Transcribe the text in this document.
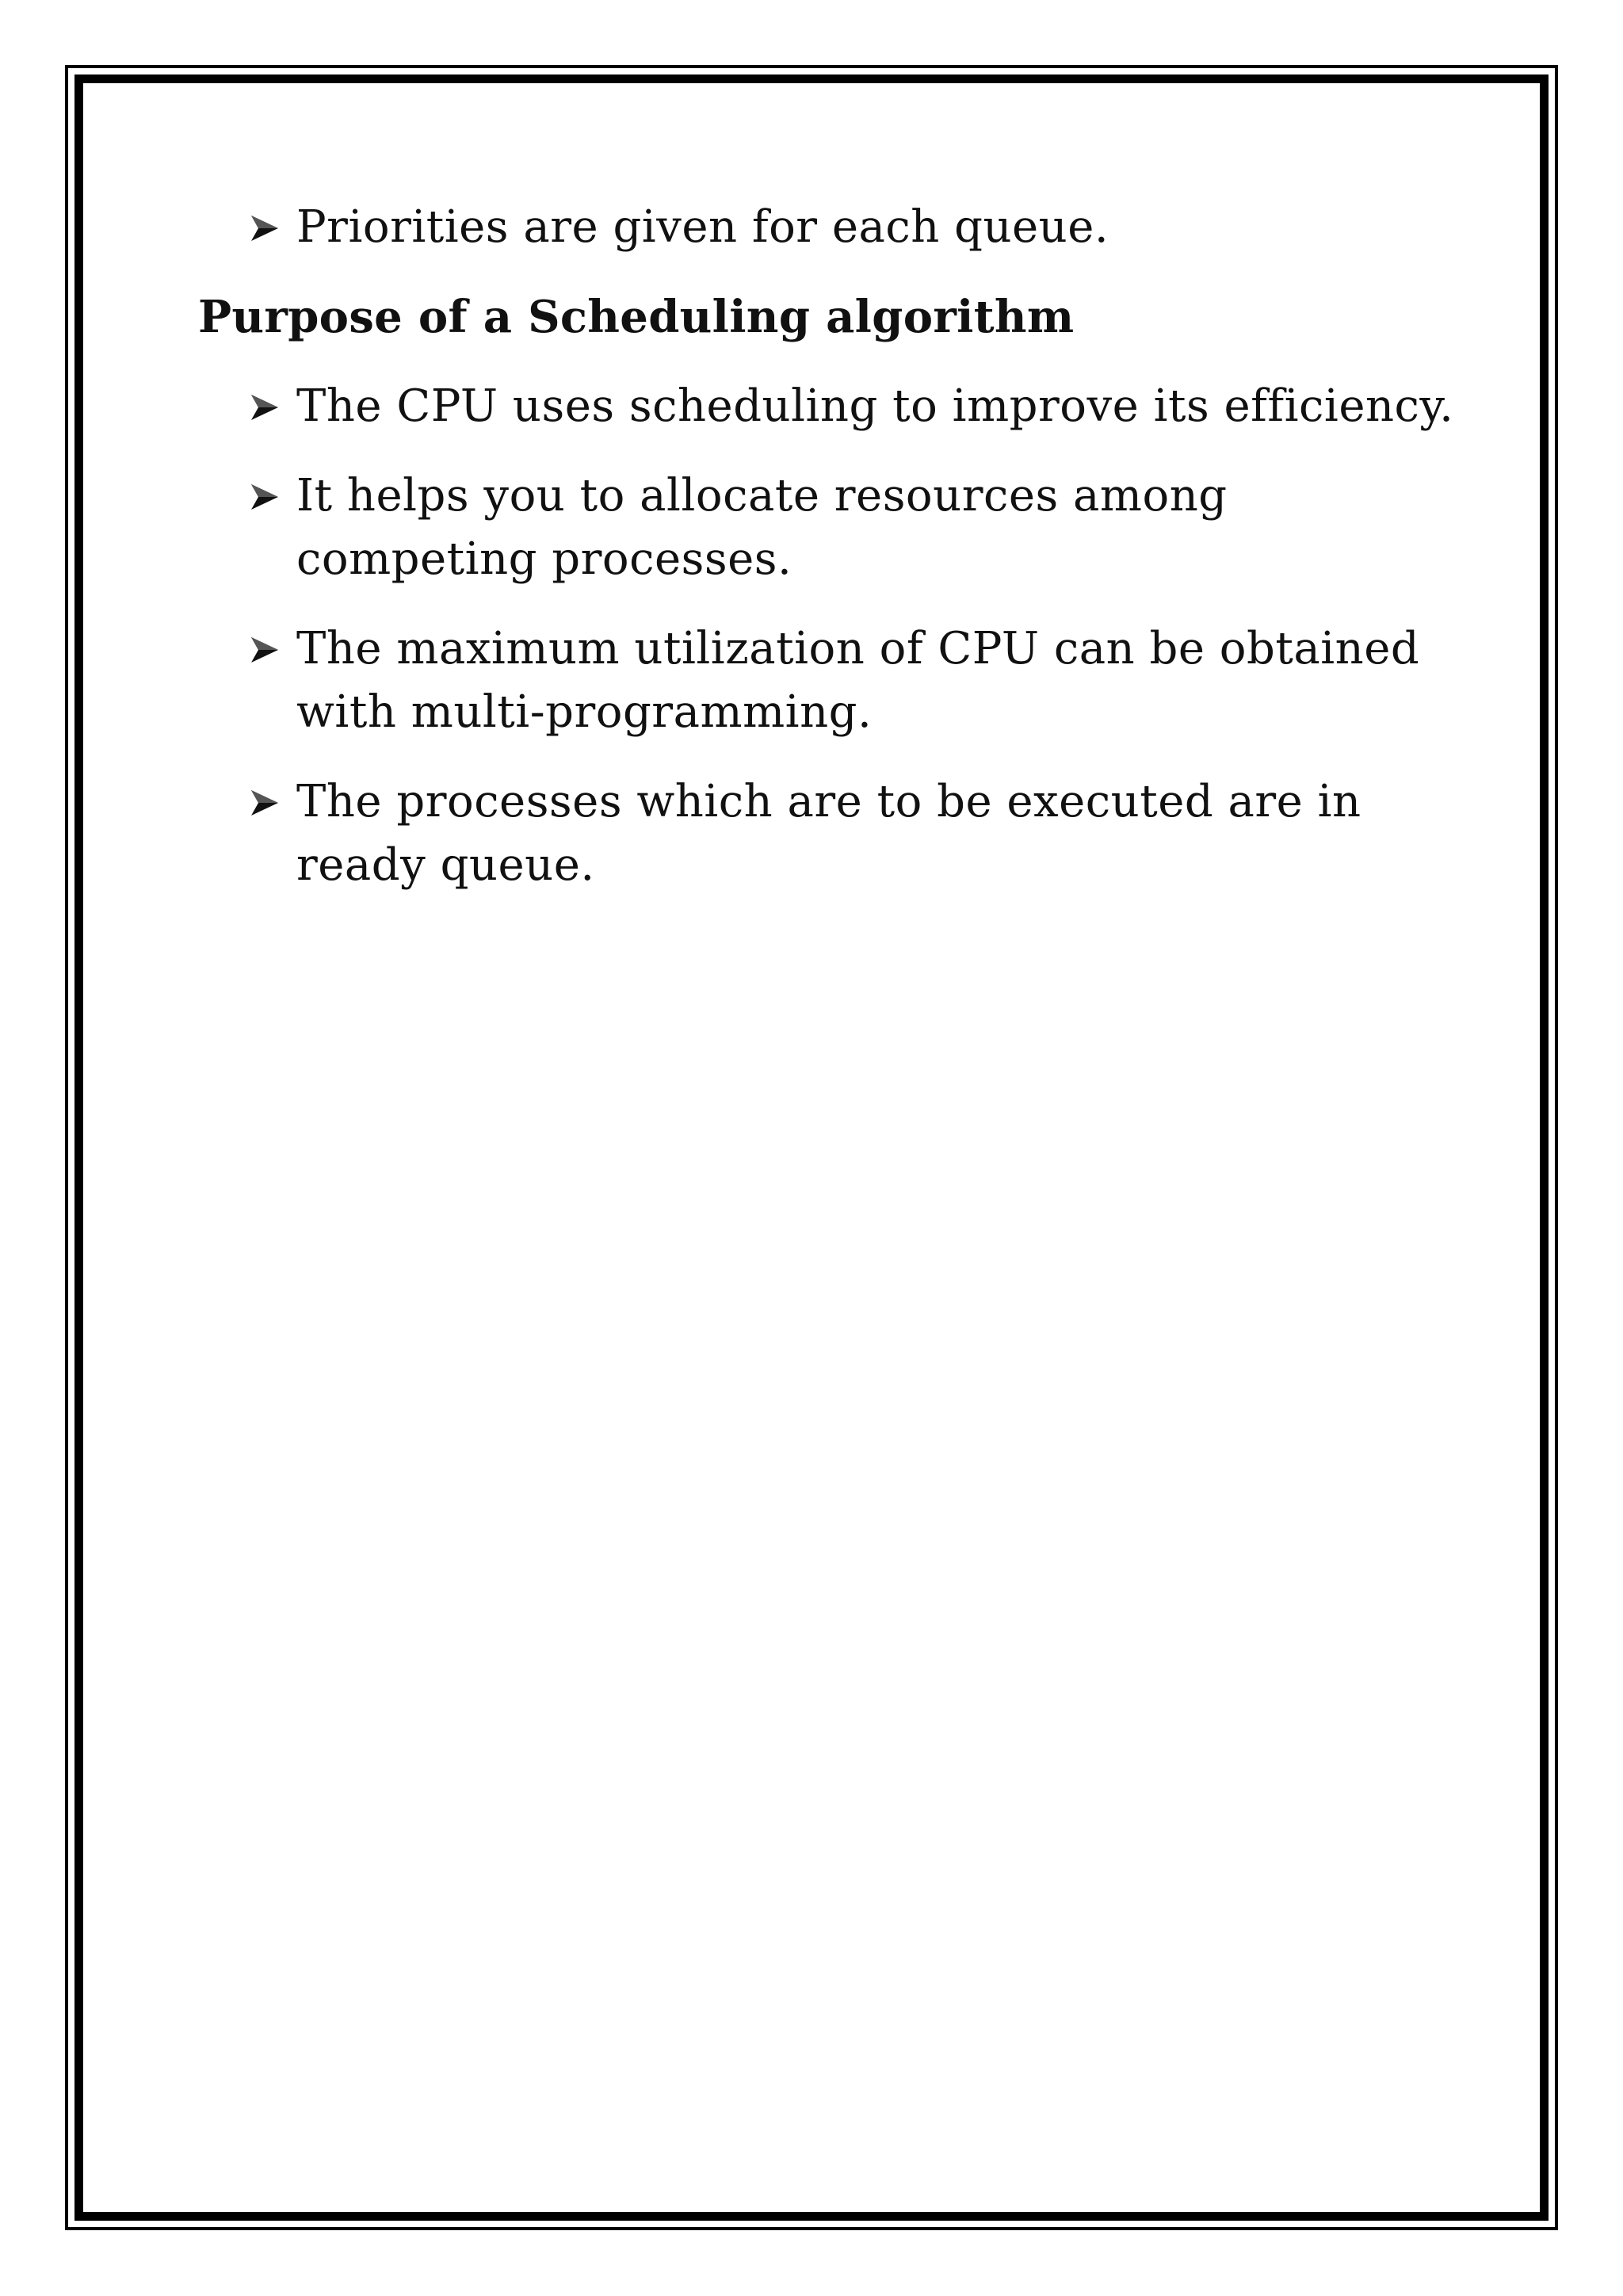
Priorities are given for each queue.
Purpose of a Scheduling algorithm
The CPU uses scheduling to improve its efficiency.
It helps you to allocate resources among
competing processes.
The maximum utilization of CPU can be obtained
with multi-programming.
The processes which are to be executed are in
ready queue.
